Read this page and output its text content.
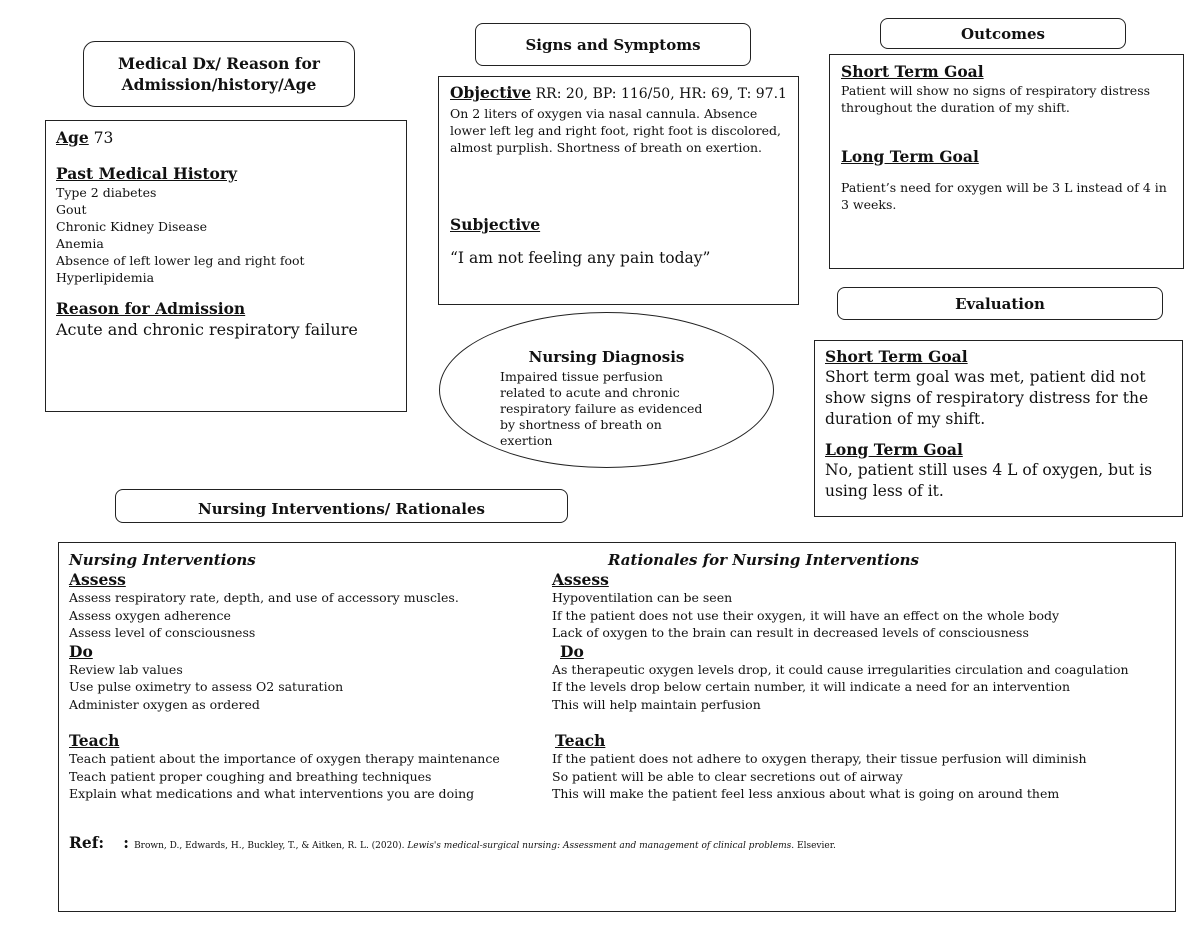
Medical Dx/ Reason for Admission/history/Age
Age 73
Past Medical History
Type 2 diabetes
Gout
Chronic Kidney Disease
Anemia
Absence of left lower leg and right foot
Hyperlipidemia
Reason for Admission
Acute and chronic respiratory failure
Signs and Symptoms
Objective RR: 20, BP: 116/50, HR: 69, T: 97.1
On 2 liters of oxygen via nasal cannula. Absence lower left leg and right foot, right foot is discolored, almost purplish. Shortness of breath on exertion.
Subjective
“I am not feeling any pain today”
Nursing Diagnosis
Impaired tissue perfusion related to acute and chronic respiratory failure as evidenced by shortness of breath on exertion
Outcomes
Short Term Goal
Patient will show no signs of respiratory distress throughout the duration of my shift.
Long Term Goal
Patient’s need for oxygen will be 3 L instead of 4 in 3 weeks.
Evaluation
Short Term Goal
Short term goal was met, patient did not show signs of respiratory distress for the duration of my shift.
Long Term Goal
No, patient still uses 4 L of oxygen, but is using less of it.
Nursing Interventions/ Rationales
Nursing Interventions
Assess
Assess respiratory rate, depth, and use of accessory muscles.
Assess oxygen adherence
Assess level of consciousness
Do
Review lab values
Use pulse oximetry to assess O2 saturation
Administer oxygen as ordered
Teach
Teach patient about the importance of oxygen therapy maintenance
Teach patient proper coughing and breathing techniques
Explain what medications and what interventions you are doing
Rationales for Nursing Interventions
Assess
Hypoventilation can be seen
If the patient does not use their oxygen, it will have an effect on the whole body
Lack of oxygen to the brain can result in decreased levels of consciousness
Do
As therapeutic oxygen levels drop, it could cause irregularities circulation and coagulation
If the levels drop below certain number, it will indicate a need for an intervention
This will help maintain perfusion
Teach
If the patient does not adhere to oxygen therapy, their tissue perfusion will diminish
So patient will be able to clear secretions out of airway
This will make the patient feel less anxious about what is going on around them
Ref: : Brown, D., Edwards, H., Buckley, T., & Aitken, R. L. (2020). Lewis's medical-surgical nursing: Assessment and management of clinical problems. Elsevier.
